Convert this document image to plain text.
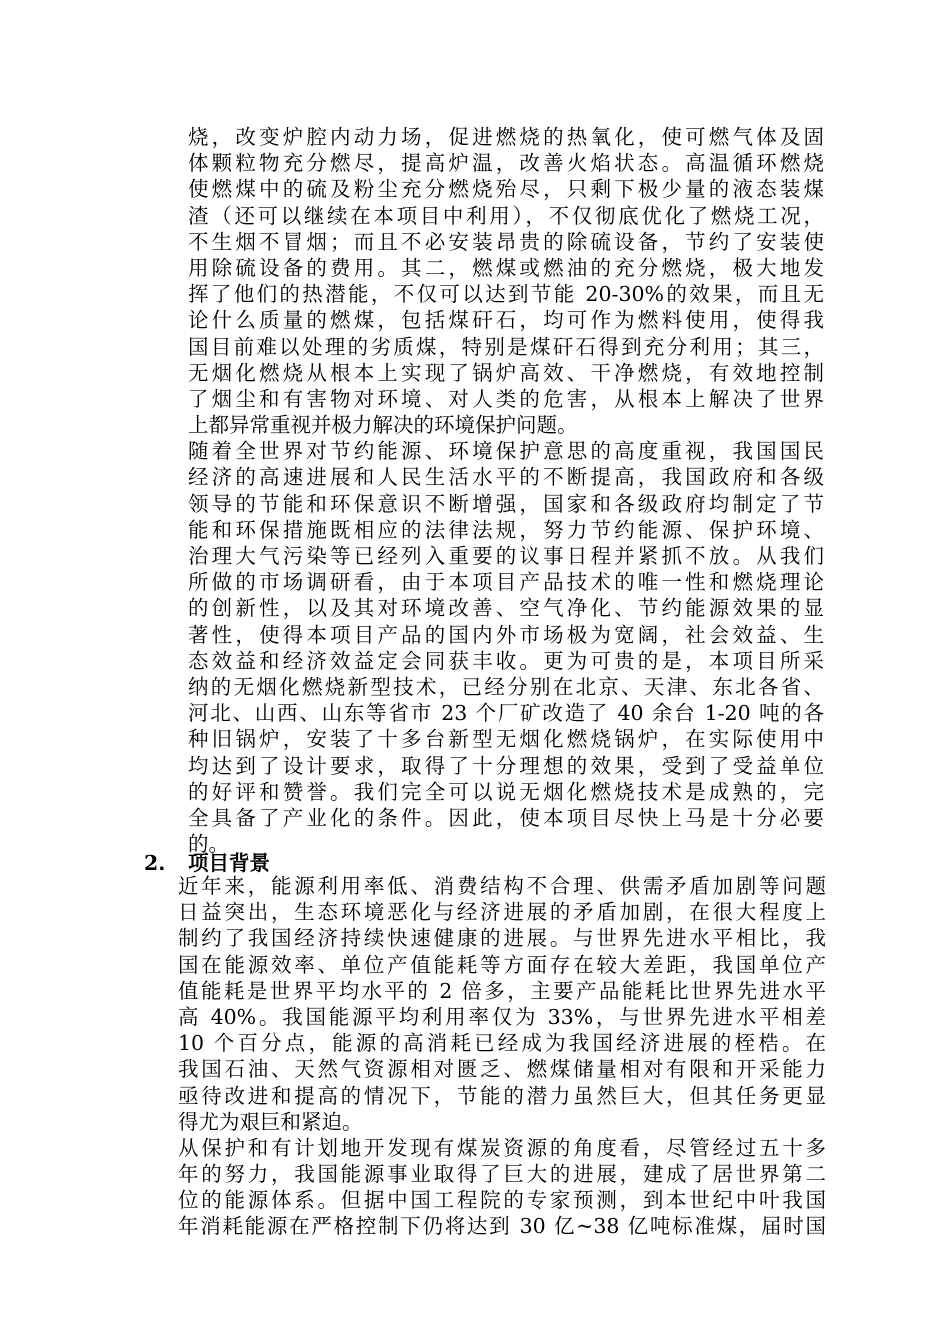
烧，改变炉腔内动力场，促进燃烧的热氧化，使可燃气体及固
体颗粒物充分燃尽，提高炉温，改善火焰状态。高温循环燃烧
使燃煤中的硫及粉尘充分燃烧殆尽，只剩下极少量的液态装煤
渣（还可以继续在本项目中利用），不仅彻底优化了燃烧工况，
不生烟不冒烟；而且不必安装昂贵的除硫设备，节约了安装使
用除硫设备的费用。其二，燃煤或燃油的充分燃烧，极大地发
挥了他们的热潜能，不仅可以达到节能 20-30%的效果，而且无
论什么质量的燃煤，包括煤矸石，均可作为燃料使用，使得我
国目前难以处理的劣质煤，特别是煤矸石得到充分利用；其三，
无烟化燃烧从根本上实现了锅炉高效、干净燃烧，有效地控制
了烟尘和有害物对环境、对人类的危害，从根本上解决了世界
上都异常重视并极力解决的环境保护问题。
随着全世界对节约能源、环境保护意思的高度重视，我国国民
经济的高速进展和人民生活水平的不断提高，我国政府和各级
领导的节能和环保意识不断增强，国家和各级政府均制定了节
能和环保措施既相应的法律法规，努力节约能源、保护环境、
治理大气污染等已经列入重要的议事日程并紧抓不放。从我们
所做的市场调研看，由于本项目产品技术的唯一性和燃烧理论
的创新性，以及其对环境改善、空气净化、节约能源效果的显
著性，使得本项目产品的国内外市场极为宽阔，社会效益、生
态效益和经济效益定会同获丰收。更为可贵的是，本项目所采
纳的无烟化燃烧新型技术，已经分别在北京、天津、东北各省、
河北、山西、山东等省市 23 个厂矿改造了 40 余台 1-20 吨的各
种旧锅炉，安装了十多台新型无烟化燃烧锅炉，在实际使用中
均达到了设计要求，取得了十分理想的效果，受到了受益单位
的好评和赞誉。我们完全可以说无烟化燃烧技术是成熟的，完
全具备了产业化的条件。因此，使本项目尽快上马是十分必要
的。
2. 项目背景
近年来，能源利用率低、消费结构不合理、供需矛盾加剧等问题
日益突出，生态环境恶化与经济进展的矛盾加剧，在很大程度上
制约了我国经济持续快速健康的进展。与世界先进水平相比，我
国在能源效率、单位产值能耗等方面存在较大差距，我国单位产
值能耗是世界平均水平的 2 倍多，主要产品能耗比世界先进水平
高 40%。我国能源平均利用率仅为 33%，与世界先进水平相差
10 个百分点，能源的高消耗已经成为我国经济进展的桎梏。在
我国石油、天然气资源相对匮乏、燃煤储量相对有限和开采能力
亟待改进和提高的情况下，节能的潜力虽然巨大，但其任务更显
得尤为艰巨和紧迫。
从保护和有计划地开发现有煤炭资源的角度看，尽管经过五十多
年的努力，我国能源事业取得了巨大的进展，建成了居世界第二
位的能源体系。但据中国工程院的专家预测，到本世纪中叶我国
年消耗能源在严格控制下仍将达到 30 亿~38 亿吨标准煤，届时国
